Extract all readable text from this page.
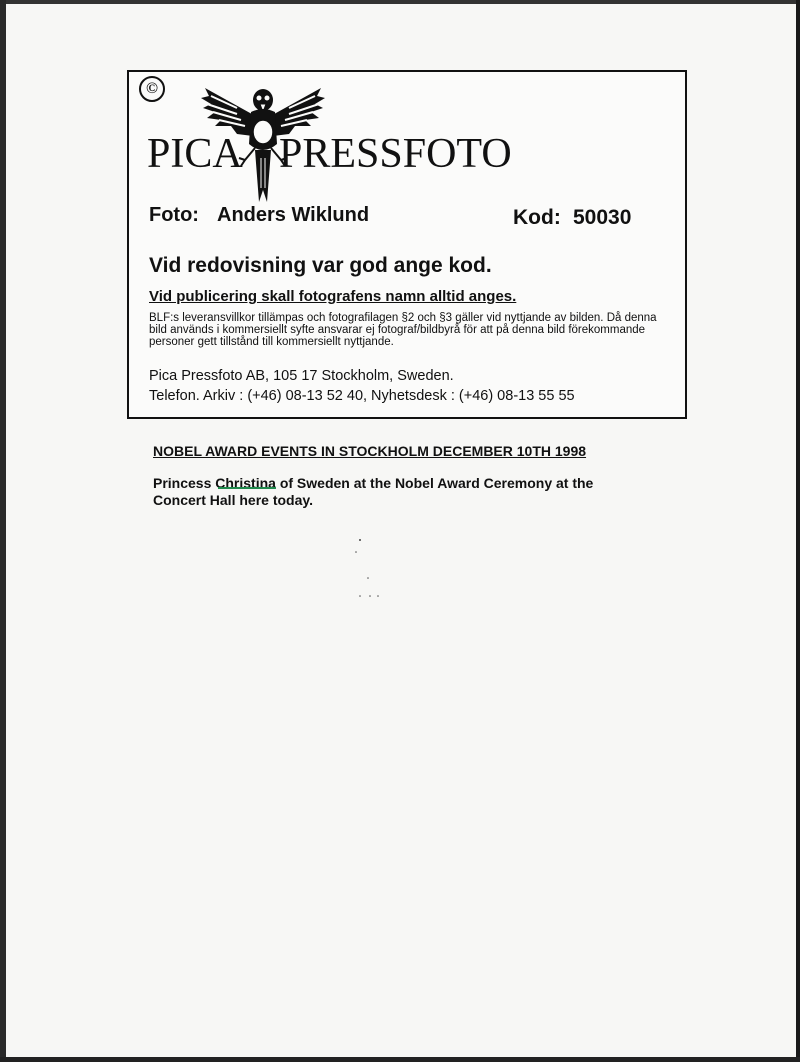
©
PICA PRESSFOTO
Foto: Anders Wiklund	Kod: 50030
Vid redovisning var god ange kod.
Vid publicering skall fotografens namn alltid anges.
BLF:s leveransvillkor tillämpas och fotografilagen §2 och §3 gäller vid nyttjande av bilden. Då denna bild används i kommersiellt syfte ansvarar ej fotograf/bildbyrå för att på denna bild förekommande personer gett tillstånd till kommersiellt nyttjande.
Pica Pressfoto AB, 105 17 Stockholm, Sweden.
Telefon. Arkiv : (+46) 08-13 52 40, Nyhetsdesk : (+46) 08-13 55 55
NOBEL AWARD EVENTS IN STOCKHOLM DECEMBER 10TH 1998
Princess Christina of Sweden at the Nobel Award Ceremony at the Concert Hall here today.
